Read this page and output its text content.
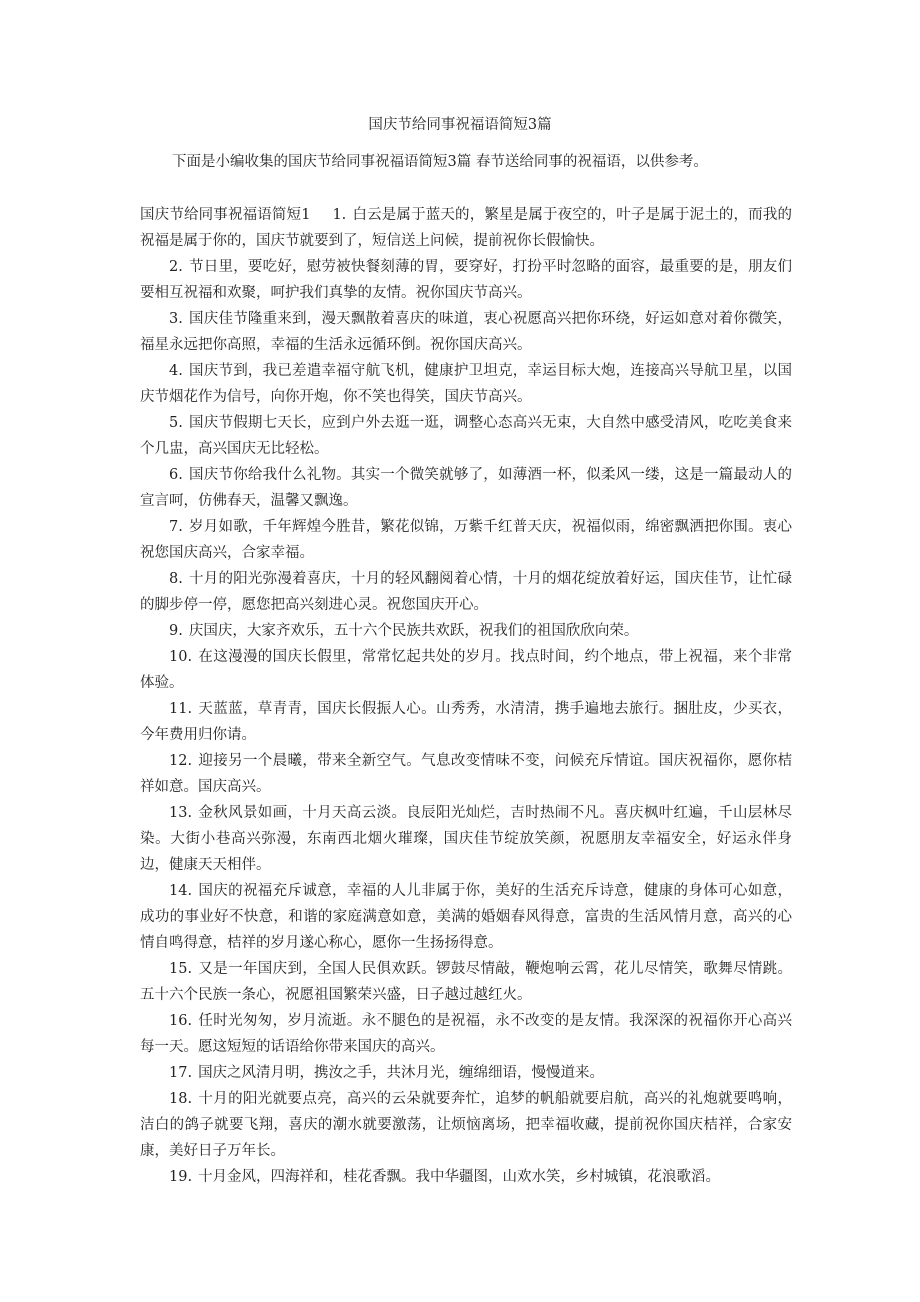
国庆节给同事祝福语简短3篇
下面是小编收集的国庆节给同事祝福语简短3篇 春节送给同事的祝福语，以供参考。

国庆节给同事祝福语简短1 1. 白云是属于蓝天的，繁星是属于夜空的，叶子是属于泥土的，而我的祝福是属于你的，国庆节就要到了，短信送上问候，提前祝你长假愉快。

2. 节日里，要吃好，慰劳被快餐刻薄的胃，要穿好，打扮平时忽略的面容，最重要的是，朋友们要相互祝福和欢聚，呵护我们真挚的友情。祝你国庆节高兴。

3. 国庆佳节隆重来到，漫天飘散着喜庆的味道，衷心祝愿高兴把你环绕，好运如意对着你微笑，福星永远把你高照，幸福的生活永远循环倒。祝你国庆高兴。

4. 国庆节到，我已差遣幸福守航飞机，健康护卫坦克，幸运目标大炮，连接高兴导航卫星，以国庆节烟花作为信号，向你开炮，你不笑也得笑，国庆节高兴。

5. 国庆节假期七天长，应到户外去逛一逛，调整心态高兴无束，大自然中感受清风，吃吃美食来个几盅，高兴国庆无比轻松。

6. 国庆节你给我什么礼物。其实一个微笑就够了，如薄酒一杯，似柔风一缕，这是一篇最动人的宣言呵，仿佛春天，温馨又飘逸。

7. 岁月如歌，千年辉煌今胜昔，繁花似锦，万紫千红普天庆，祝福似雨，绵密飘洒把你围。衷心祝您国庆高兴，合家幸福。

8. 十月的阳光弥漫着喜庆，十月的轻风翻阅着心情，十月的烟花绽放着好运，国庆佳节，让忙碌的脚步停一停，愿您把高兴刻进心灵。祝您国庆开心。

9. 庆国庆，大家齐欢乐，五十六个民族共欢跃，祝我们的祖国欣欣向荣。

10. 在这漫漫的国庆长假里，常常忆起共处的岁月。找点时间，约个地点，带上祝福，来个非常体验。

11. 天蓝蓝，草青青，国庆长假振人心。山秀秀，水清清，携手遍地去旅行。捆肚皮，少买衣，今年费用归你请。

12. 迎接另一个晨曦，带来全新空气。气息改变情味不变，问候充斥情谊。国庆祝福你，愿你桔祥如意。国庆高兴。

13. 金秋风景如画，十月天高云淡。良辰阳光灿烂，吉时热闹不凡。喜庆枫叶红遍，千山层林尽染。大街小巷高兴弥漫，东南西北烟火璀璨，国庆佳节绽放笑颜，祝愿朋友幸福安全，好运永伴身边，健康天天相伴。

14. 国庆的祝福充斥诚意，幸福的人儿非属于你，美好的生活充斥诗意，健康的身体可心如意，成功的事业好不快意，和谐的家庭满意如意，美满的婚姻春风得意，富贵的生活风情月意，高兴的心情自鸣得意，桔祥的岁月遂心称心，愿你一生扬扬得意。

15. 又是一年国庆到，全国人民俱欢跃。锣鼓尽情敲，鞭炮响云霄，花儿尽情笑，歌舞尽情跳。五十六个民族一条心，祝愿祖国繁荣兴盛，日子越过越红火。

16. 任时光匆匆，岁月流逝。永不腿色的是祝福，永不改变的是友情。我深深的祝福你开心高兴每一天。愿这短短的话语给你带来国庆的高兴。

17. 国庆之风清月明，携汝之手，共沐月光，缠绵细语，慢慢道来。

18. 十月的阳光就要点亮，高兴的云朵就要奔忙，追梦的帆船就要启航，高兴的礼炮就要鸣响，洁白的鸽子就要飞翔，喜庆的潮水就要激荡，让烦恼离场，把幸福收藏，提前祝你国庆桔祥，合家安康，美好日子万年长。

19. 十月金风，四海祥和，桂花香飘。我中华疆图，山欢水笑，乡村城镇，花浪歌滔。
